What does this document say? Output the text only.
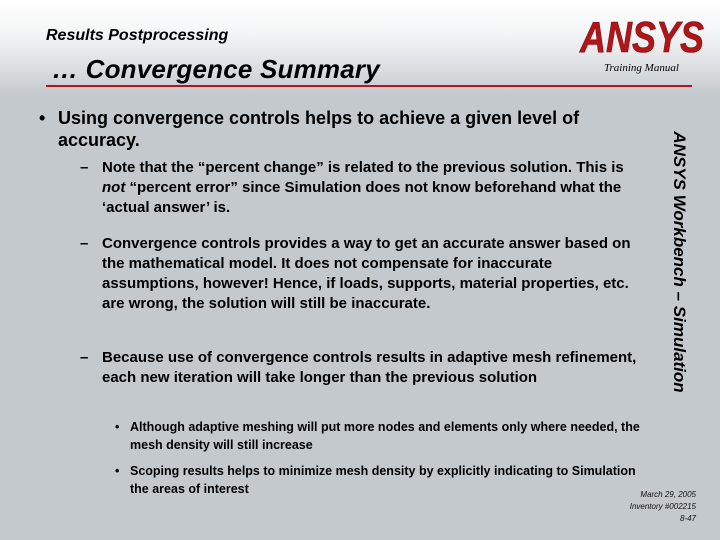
Results Postprocessing
… Convergence Summary
ANSYS
Training Manual
ANSYS Workbench – Simulation
• Using convergence controls helps to achieve a given level of accuracy.
– Note that the “percent change” is related to the previous solution. This is not “percent error” since Simulation does not know beforehand what the ‘actual answer’ is.
– Convergence controls provides a way to get an accurate answer based on the mathematical model. It does not compensate for inaccurate assumptions, however! Hence, if loads, supports, material properties, etc. are wrong, the solution will still be inaccurate.
– Because use of convergence controls results in adaptive mesh refinement, each new iteration will take longer than the previous solution
• Although adaptive meshing will put more nodes and elements only where needed, the mesh density will still increase
• Scoping results helps to minimize mesh density by explicitly indicating to Simulation the areas of interest	March 29, 2005
Inventory #002215
8-47
